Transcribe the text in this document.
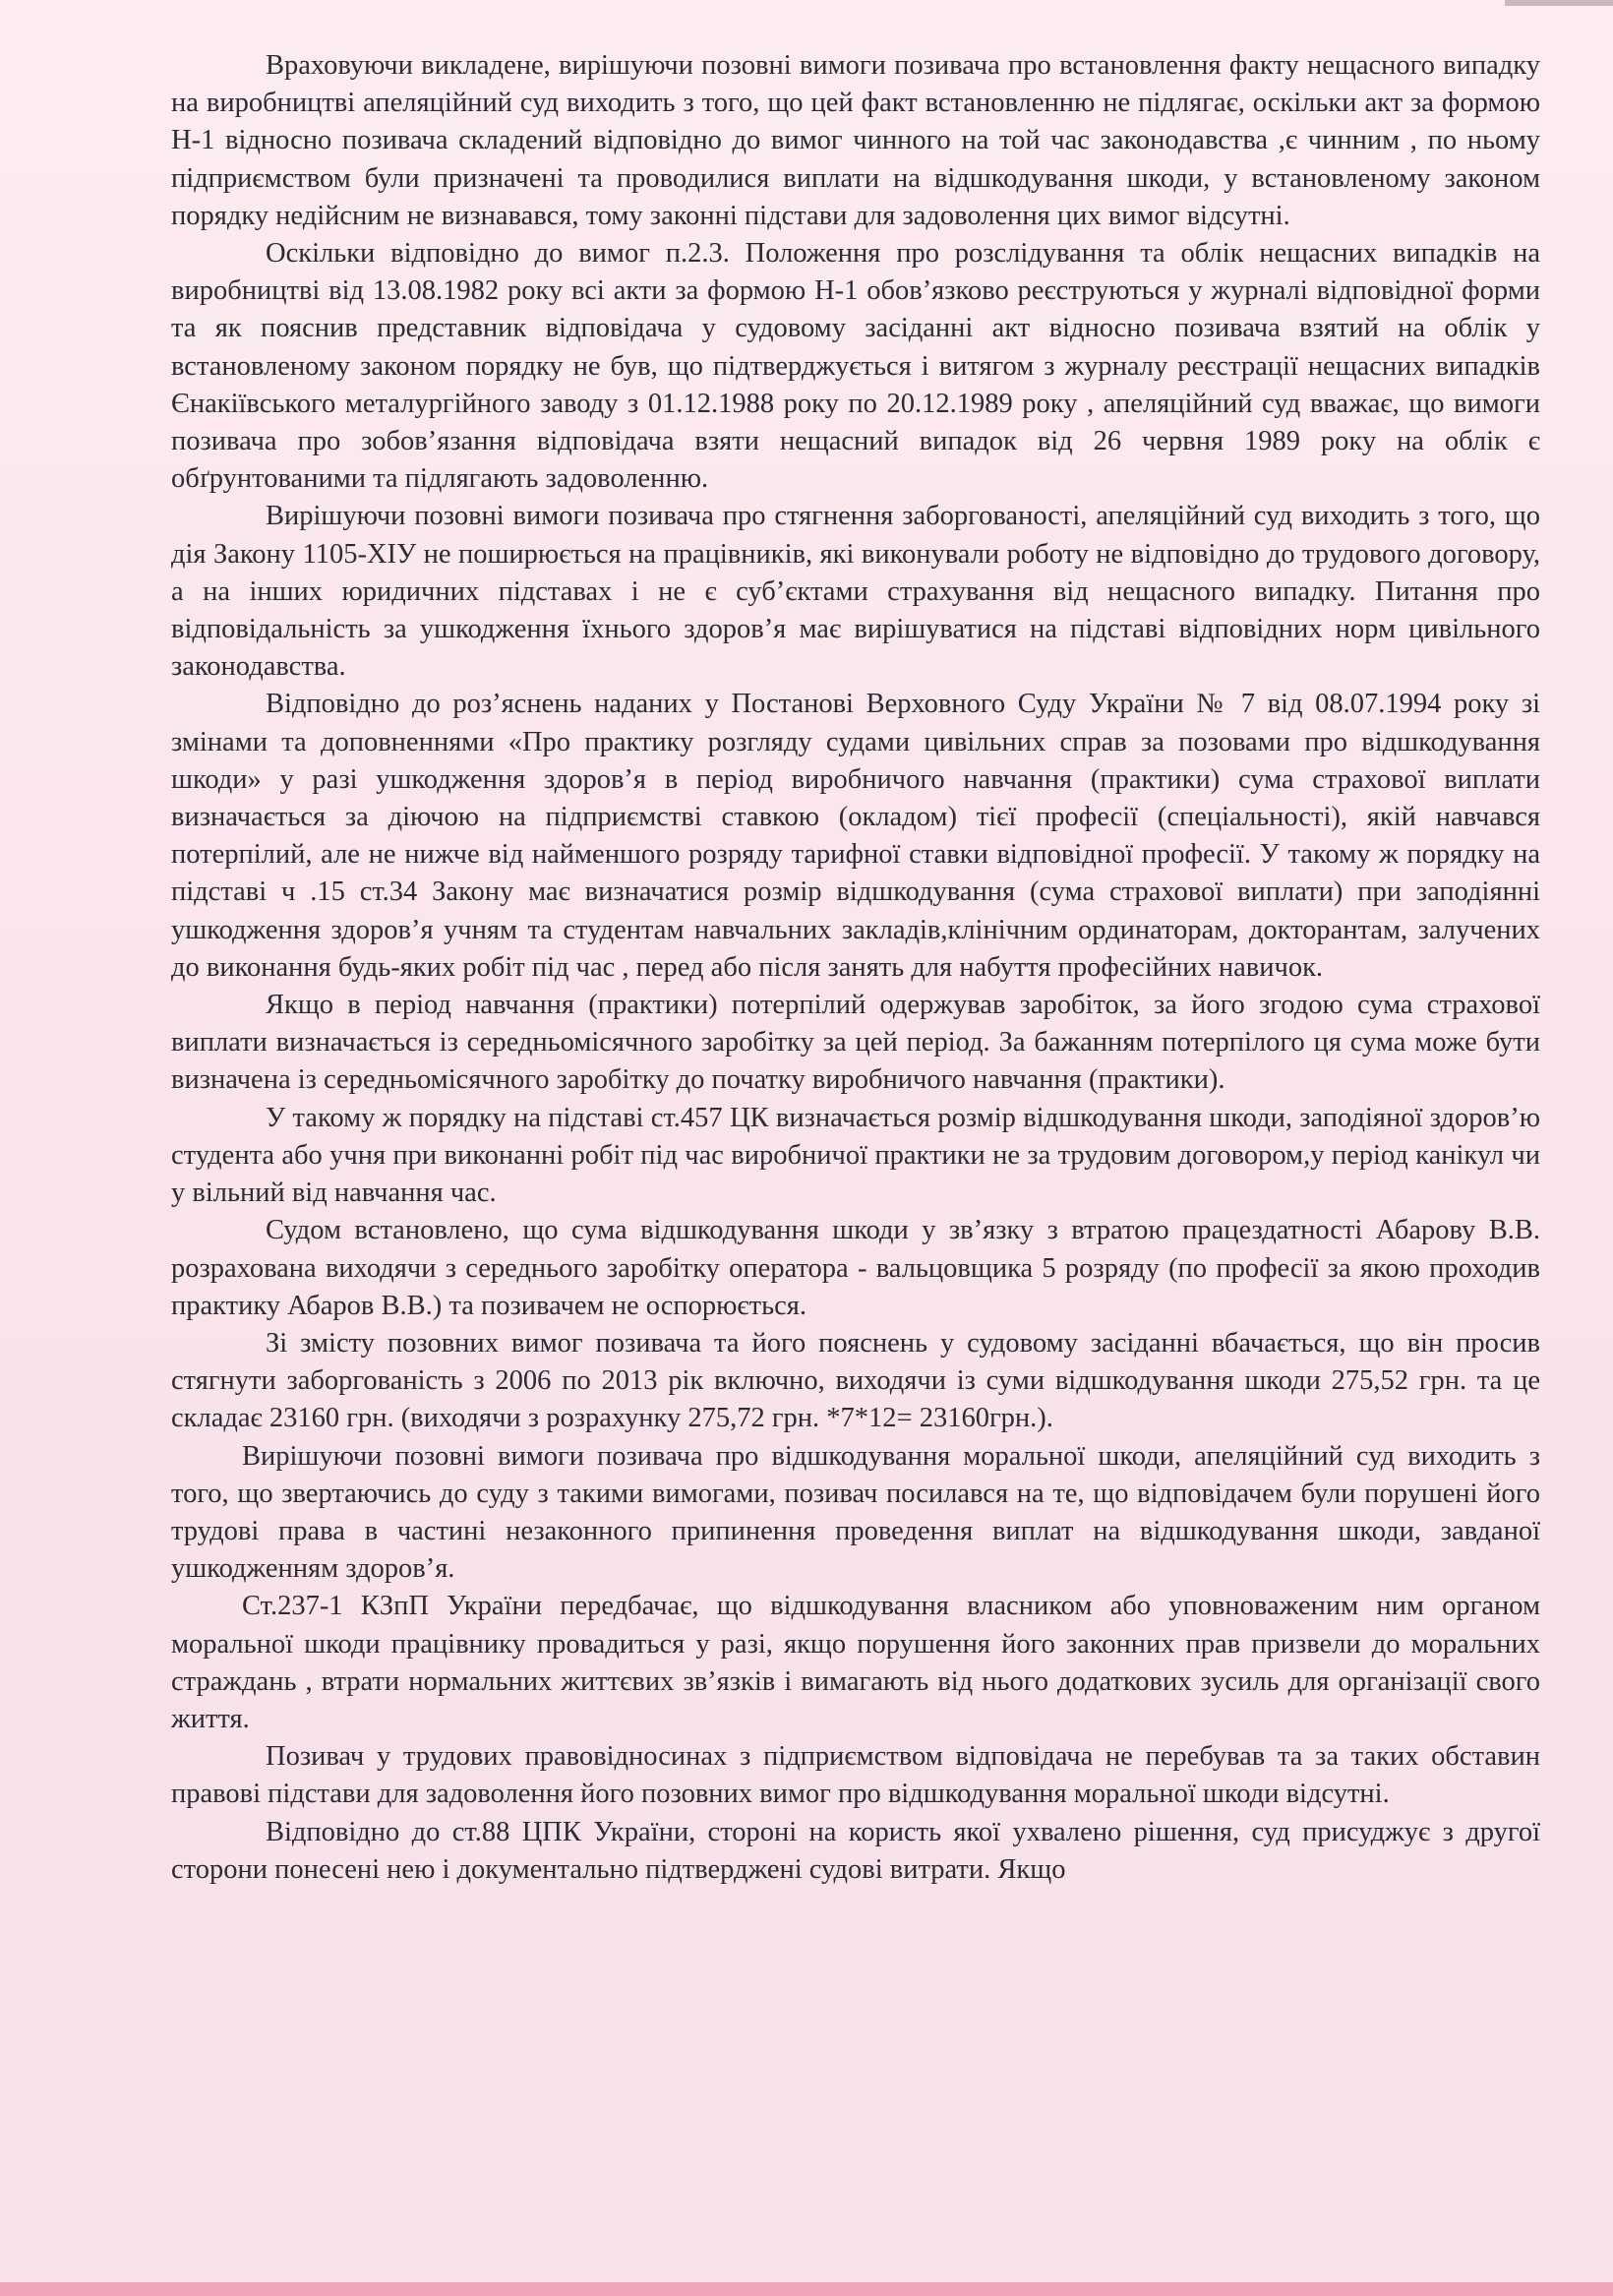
Враховуючи викладене, вирішуючи позовні вимоги позивача про встановлення факту нещасного випадку на виробництві апеляційний суд виходить з того, що цей факт встановленню не підлягає, оскільки акт за формою Н-1 відносно позивача складений відповідно до вимог чинного на той час законодавства ,є чинним , по ньому підприємством були призначені та проводилися виплати на відшкодування шкоди, у встановленому законом порядку недійсним не визнавався, тому законні підстави для задоволення цих вимог відсутні.

Оскільки відповідно до вимог п.2.3. Положення про розслідування та облік нещасних випадків на виробництві від 13.08.1982 року всі акти за формою Н-1 обов’язково реєструються у журналі відповідної форми та як пояснив представник відповідача у судовому засіданні акт відносно позивача взятий на облік у встановленому законом порядку не був, що підтверджується і витягом з журналу реєстрації нещасних випадків Єнакіївського металургійного заводу з 01.12.1988 року по 20.12.1989 року , апеляційний суд вважає, що вимоги позивача про зобов’язання відповідача взяти нещасний випадок від 26 червня 1989 року на облік є обґрунтованими та підлягають задоволенню.

Вирішуючи позовні вимоги позивача про стягнення заборгованості, апеляційний суд виходить з того, що дія Закону 1105-ХІУ не поширюється на працівників, які виконували роботу не відповідно до трудового договору, а на інших юридичних підставах і не є суб’єктами страхування від нещасного випадку. Питання про відповідальність за ушкодження їхнього здоров’я має вирішуватися на підставі відповідних норм цивільного законодавства.

Відповідно до роз’яснень наданих у Постанові Верховного Суду України № 7 від 08.07.1994 року зі змінами та доповненнями «Про практику розгляду судами цивільних справ за позовами про відшкодування шкоди» у разі ушкодження здоров’я в період виробничого навчання (практики) сума страхової виплати визначається за діючою на підприємстві ставкою (окладом) тієї професії (спеціальності), якій навчався потерпілий, але не нижче від найменшого розряду тарифної ставки відповідної професії. У такому ж порядку на підставі ч .15 ст.34 Закону має визначатися розмір відшкодування (сума страхової виплати) при заподіянні ушкодження здоров’я учням та студентам навчальних закладів,клінічним ординаторам, докторантам, залучених до виконання будь-яких робіт під час , перед або після занять для набуття професійних навичок.

Якщо в період навчання (практики) потерпілий одержував заробіток, за його згодою сума страхової виплати визначається із середньомісячного заробітку за цей період. За бажанням потерпілого ця сума може бути визначена із середньомісячного заробітку до початку виробничого навчання (практики).

У такому ж порядку на підставі ст.457 ЦК визначається розмір відшкодування шкоди, заподіяної здоров’ю студента або учня при виконанні робіт під час виробничої практики не за трудовим договором,у період канікул чи у вільний від навчання час.

Судом встановлено, що сума відшкодування шкоди у зв’язку з втратою працездатності Абарову В.В. розрахована виходячи з середнього заробітку оператора - вальцовщика 5 розряду (по професії за якою проходив практику Абаров В.В.) та позивачем не оспорюється.

Зі змісту позовних вимог позивача та його пояснень у судовому засіданні вбачається, що він просив стягнути заборгованість з 2006 по 2013 рік включно, виходячи із суми відшкодування шкоди 275,52 грн. та це складає 23160 грн. (виходячи з розрахунку 275,72 грн. *7*12= 23160грн.).

Вирішуючи позовні вимоги позивача про відшкодування моральної шкоди, апеляційний суд виходить з того, що звертаючись до суду з такими вимогами, позивач посилався на те, що відповідачем були порушені його трудові права в частині незаконного припинення проведення виплат на відшкодування шкоди, завданої ушкодженням здоров’я.

Ст.237-1 КЗпП України передбачає, що відшкодування власником або уповноваженим ним органом моральної шкоди працівнику провадиться у разі, якщо порушення його законних прав призвели до моральних страждань , втрати нормальних життєвих зв’язків і вимагають від нього додаткових зусиль для організації свого життя.

Позивач у трудових правовідносинах з підприємством відповідача не перебував та за таких обставин правові підстави для задоволення його позовних вимог про відшкодування моральної шкоди відсутні.

Відповідно до ст.88 ЦПК України, стороні на користь якої ухвалено рішення, суд присуджує з другої сторони понесені нею і документально підтверджені судові витрати. Якщо
